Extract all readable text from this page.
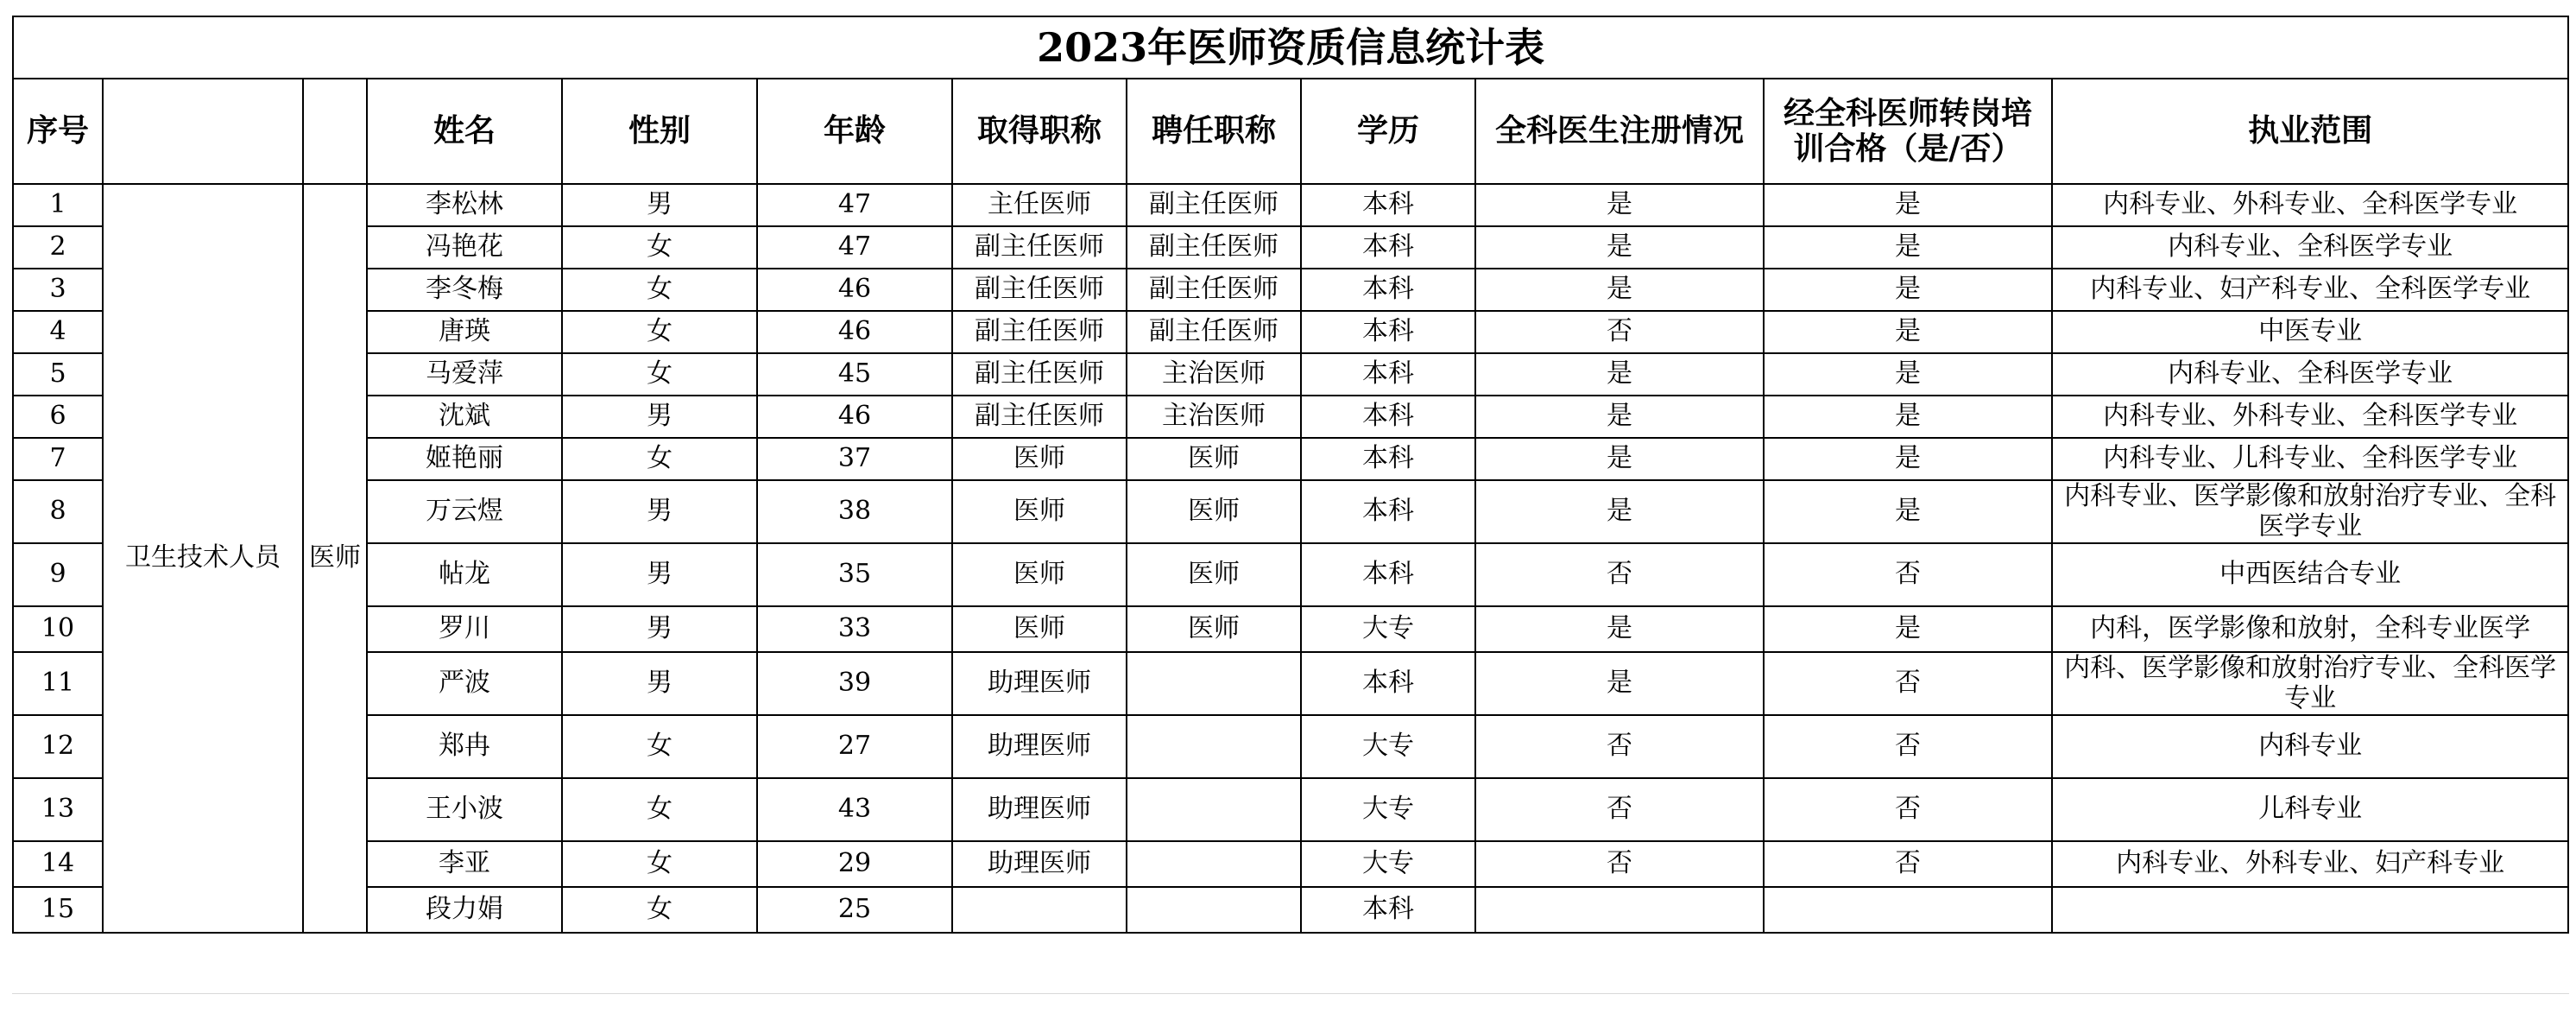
2023年医师资质信息统计表											
序号			姓名	性别	年龄	取得职称	聘任职称	学历	全科医生注册情况	经全科医师转岗培训合格（是/否）	执业范围
1	卫生技术人员	医师	李松林	男	47	主任医师	副主任医师	本科	是	是	内科专业、外科专业、全科医学专业
2			冯艳花	女	47	副主任医师	副主任医师	本科	是	是	内科专业、全科医学专业
3			李冬梅	女	46	副主任医师	副主任医师	本科	是	是	内科专业、妇产科专业、全科医学专业
4			唐瑛	女	46	副主任医师	副主任医师	本科	否	是	中医专业
5			马爱萍	女	45	副主任医师	主治医师	本科	是	是	内科专业、全科医学专业
6			沈斌	男	46	副主任医师	主治医师	本科	是	是	内科专业、外科专业、全科医学专业
7			姬艳丽	女	37	医师	医师	本科	是	是	内科专业、儿科专业、全科医学专业
8			万云煜	男	38	医师	医师	本科	是	是	内科专业、医学影像和放射治疗专业、全科医学专业
9			帖龙	男	35	医师	医师	本科	否	否	中西医结合专业
10			罗川	男	33	医师	医师	大专	是	是	内科，医学影像和放射，全科专业医学
11			严波	男	39	助理医师		本科	是	否	内科、医学影像和放射治疗专业、全科医学专业
12			郑冉	女	27	助理医师		大专	否	否	内科专业
13			王小波	女	43	助理医师		大专	否	否	儿科专业
14			李亚	女	29	助理医师		大专	否	否	内科专业、外科专业、妇产科专业
15			段力娟	女	25			本科			
